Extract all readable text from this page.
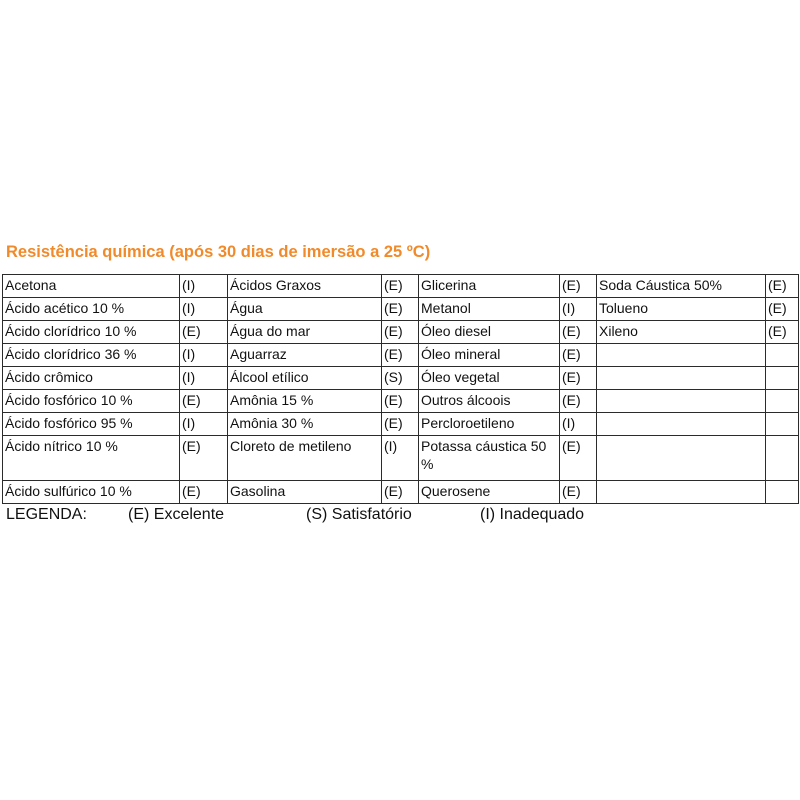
Resistência química (após 30 dias de imersão a 25 ºC)
Acetona	(I)	Ácidos Graxos	(E)	Glicerina	(E)	Soda Cáustica 50%	(E)
Ácido acético 10 %	(I)	Água	(E)	Metanol	(I)	Tolueno	(E)
Ácido clorídrico 10 %	(E)	Água do mar	(E)	Óleo diesel	(E)	Xileno	(E)
Ácido clorídrico 36 %	(I)	Aguarraz	(E)	Óleo mineral	(E)		
Ácido crômico	(I)	Álcool etílico	(S)	Óleo vegetal	(E)		
Ácido fosfórico 10 %	(E)	Amônia 15 %	(E)	Outros álcoois	(E)		
Ácido fosfórico 95 %	(I)	Amônia 30 %	(E)	Percloroetileno	(I)		
Ácido nítrico 10 %	(E)	Cloreto de metileno	(I)	Potassa cáustica 50 %	(E)		
Ácido sulfúrico 10 %	(E)	Gasolina	(E)	Querosene	(E)		
LEGENDA:	(E) Excelente	(S) Satisfatório	(I) Inadequado
